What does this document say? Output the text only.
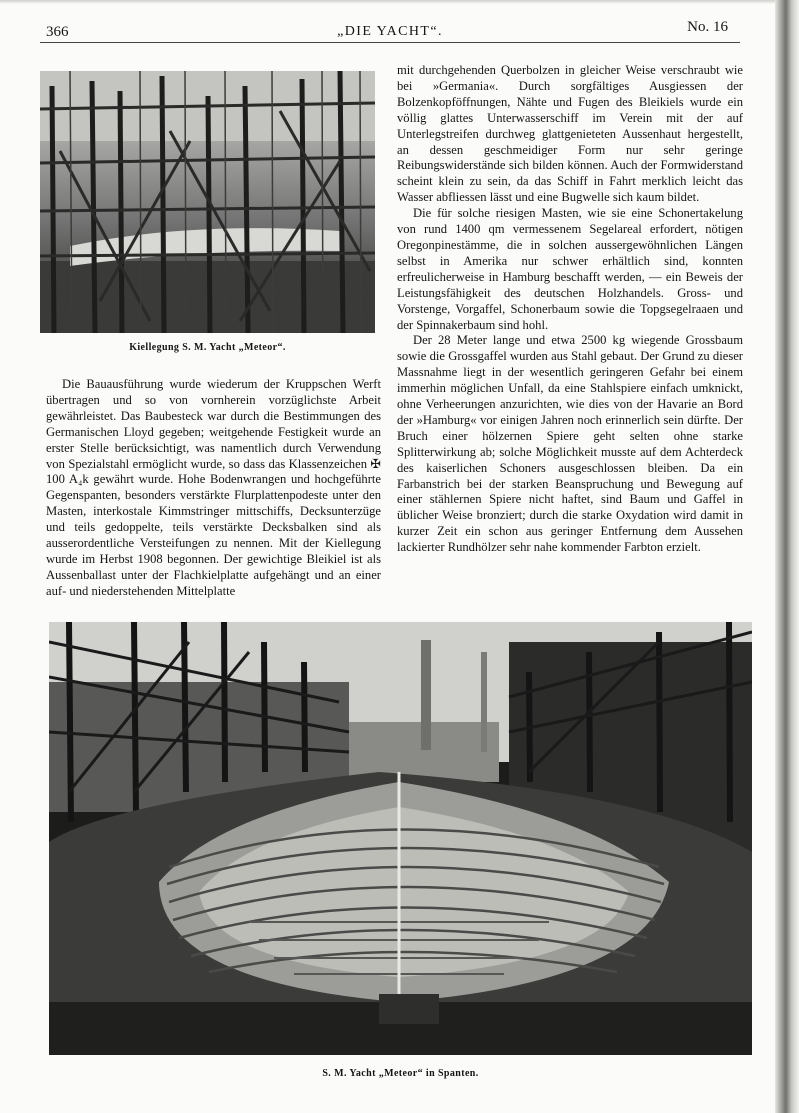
366	„DIE YACHT“.	No. 16
Kiellegung S. M. Yacht „Meteor“.
S. M. Yacht „Meteor“ in Spanten.

Die Bauausführung wurde wiederum der Kruppschen Werft übertragen und so von vornherein vorzüglichste Arbeit gewährleistet. Das Baubesteck war durch die Bestimmungen des Germanischen Lloyd gegeben; weitgehende Festigkeit wurde an erster Stelle berücksichtigt, was namentlich durch Verwendung von Spezialstahl ermöglicht wurde, so dass das Klassenzeichen ✠ 100 A₄k gewährt wurde. Hohe Bodenwrangen und hochgeführte Gegenspanten, besonders verstärkte Flurplattenpodeste unter den Masten, interkostale Kimmstringer mittschiffs, Decksunterzüge und teils gedoppelte, teils verstärkte Decksbalken sind als ausserordentliche Versteifungen zu nennen. Mit der Kiellegung wurde im Herbst 1908 begonnen. Der gewichtige Bleikiel ist als Aussenballast unter der Flachkielplatte aufgehängt und an einer auf- und niederstehenden Mittelplatte

mit durchgehenden Querbolzen in gleicher Weise verschraubt wie bei »Germania«. Durch sorgfältiges Ausgiessen der Bolzenkopföffnungen, Nähte und Fugen des Bleikiels wurde ein völlig glattes Unterwasserschiff im Verein mit der auf Unterlegstreifen durchweg glattgenieteten Aussenhaut hergestellt, an dessen geschmeidiger Form nur sehr geringe Reibungswiderstände sich bilden können. Auch der Formwiderstand scheint klein zu sein, da das Schiff in Fahrt merklich leicht das Wasser abfliessen lässt und eine Bugwelle sich kaum bildet.

Die für solche riesigen Masten, wie sie eine Schonertakelung von rund 1400 qm vermessenem Segelareal erfordert, nötigen Oregonpinestämme, die in solchen aussergewöhnlichen Längen selbst in Amerika nur schwer erhältlich sind, konnten erfreulicherweise in Hamburg beschafft werden, — ein Beweis der Leistungsfähigkeit des deutschen Holzhandels. Gross- und Vorstenge, Vorgaffel, Schonerbaum sowie die Topgsegelraaen und der Spinnakerbaum sind hohl.

Der 28 Meter lange und etwa 2500 kg wiegende Grossbaum sowie die Grossgaffel wurden aus Stahl gebaut. Der Grund zu dieser Massnahme liegt in der wesentlich geringeren Gefahr bei einem immerhin möglichen Unfall, da eine Stahlspiere einfach umknickt, ohne Verheerungen anzurichten, wie dies von der Havarie an Bord der »Hamburg« vor einigen Jahren noch erinnerlich sein dürfte. Der Bruch einer hölzernen Spiere geht selten ohne starke Splitterwirkung ab; solche Möglichkeit musste auf dem Achterdeck des kaiserlichen Schoners ausgeschlossen bleiben. Da ein Farbanstrich bei der starken Beanspruchung und Bewegung auf einer stählernen Spiere nicht haftet, sind Baum und Gaffel in üblicher Weise bronziert; durch die starke Oxydation wird damit in kurzer Zeit ein schon aus geringer Entfernung dem Aussehen lackierter Rundhölzer sehr nahe kommender Farbton erzielt.
